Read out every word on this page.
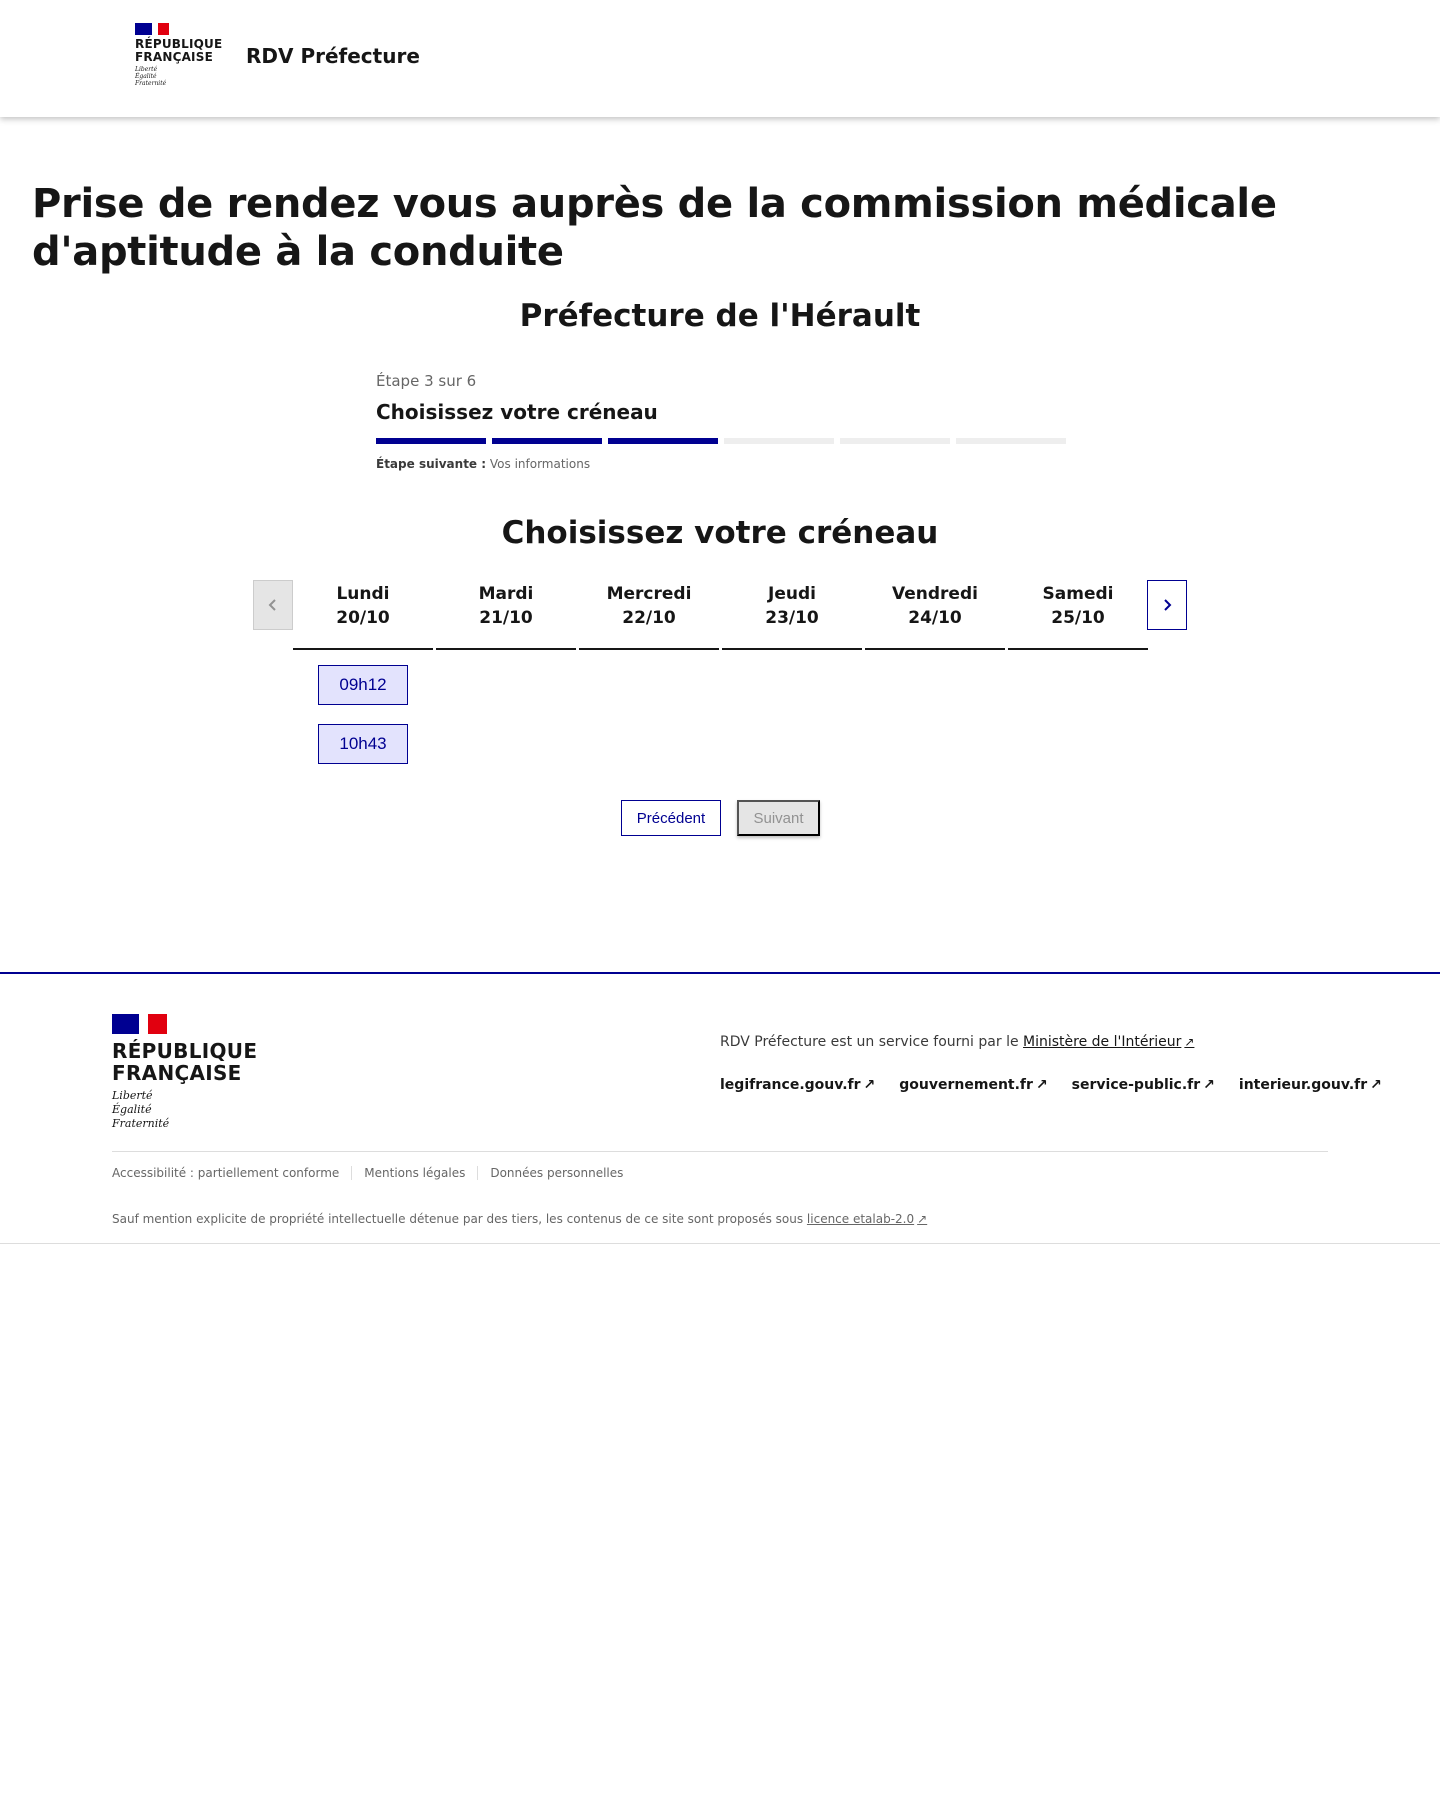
RÉPUBLIQUE
FRANÇAISE
Liberté
Égalité
Fraternité
RDV Préfecture
Prise de rendez vous auprès de la commission médicale d'aptitude à la conduite
Préfecture de l'Hérault
Étape 3 sur 6
Choisissez votre créneau
Étape suivante : Vos informations
Choisissez votre créneau
Lundi
20/10
Mardi
21/10
Mercredi
22/10
Jeudi
23/10
Vendredi
24/10
Samedi
25/10
09h12
10h43
Précédent	Suivant
RÉPUBLIQUE
FRANÇAISE
Liberté
Égalité
Fraternité
RDV Préfecture est un service fourni par le Ministère de l'Intérieur ↗
legifrance.gouv.fr ↗ gouvernement.fr ↗ service-public.fr ↗ interieur.gouv.fr ↗
Accessibilité : partiellement conforme	Mentions légales	Données personnelles
Sauf mention explicite de propriété intellectuelle détenue par des tiers, les contenus de ce site sont proposés sous licence etalab-2.0 ↗
